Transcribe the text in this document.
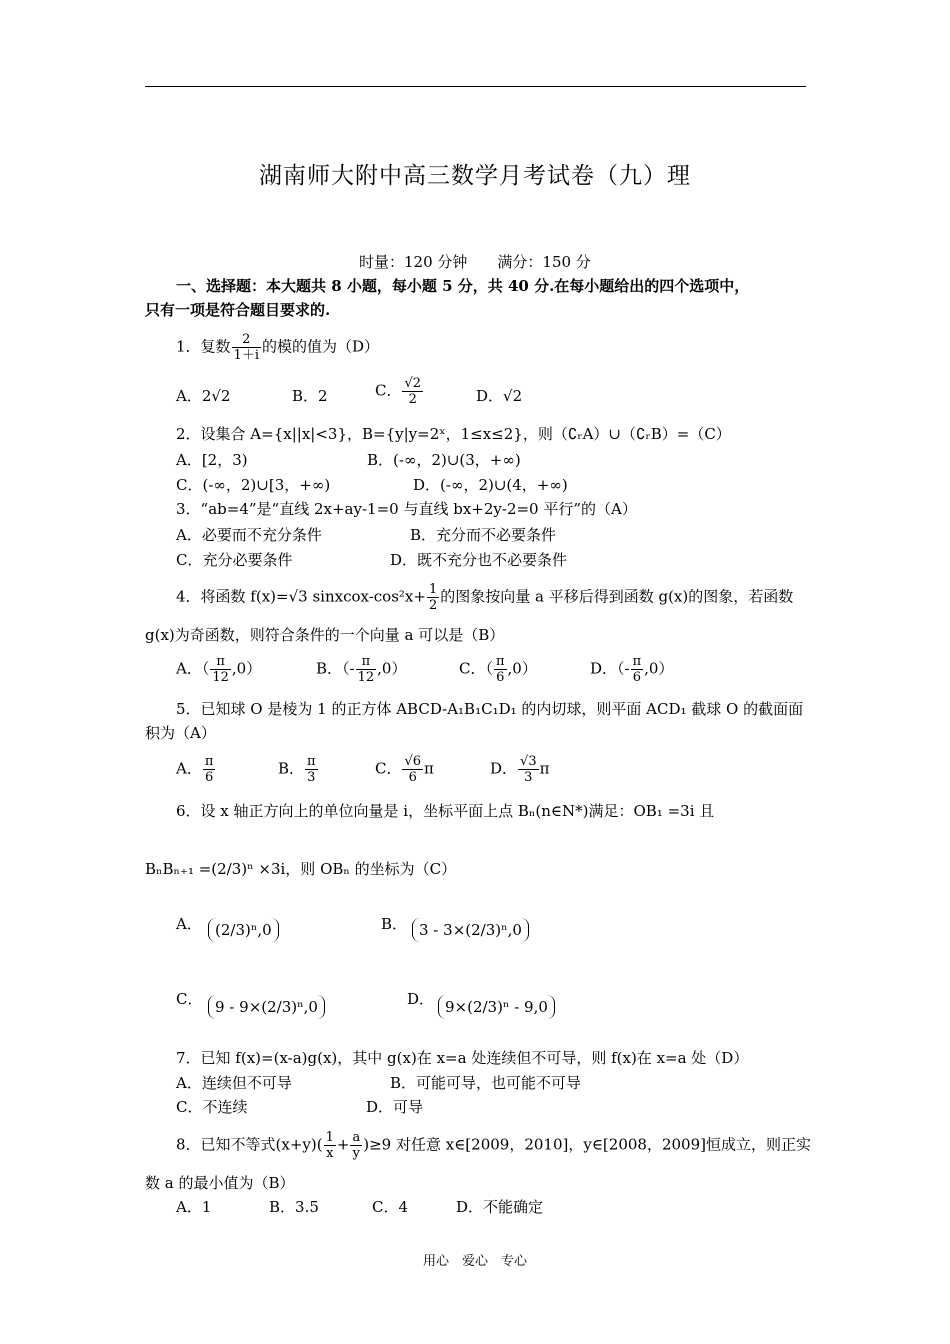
湖南师大附中高三数学月考试卷（九）理
时量：120 分钟　　满分：150 分
一、选择题：本大题共 8 小题，每小题 5 分，共 40 分.在每小题给出的四个选项中，
只有一项是符合题目要求的.
1．复数 $\frac{2}{1+i}$ 的模的值为（D）
A．2√2	B．2	C． $\frac{√2}{2}$	D．√2
2．设集合 A={x||x|<3}，B={y|y=2ˣ，1≤x≤2}，则（∁ᵣA）∪（∁ᵣB）=（C）
A．[2，3)	B．(-∞，2)∪(3，+∞)
C．(-∞，2)∪[3，+∞)	D．(-∞，2)∪(4，+∞)
3．“ab=4”是“直线 2x+ay-1=0 与直线 bx+2y-2=0 平行”的（A）
A．必要而不充分条件	B．充分而不必要条件
C．充分必要条件	D．既不充分也不必要条件
4．将函数 f(x)=√3 sinxcox-cos²x+ $\frac{1}{2}$ 的图象按向量 a 平移后得到函数 g(x)的图象，若函数
g(x)为奇函数，则符合条件的一个向量 a 可以是（B）
A．（ $\frac{\pi}{12} ,0$）	B．（- $\frac{\pi}{12} ,0$）	C．（ $\frac{\pi}{6} ,0$）	D．（- $\frac{\pi}{6} ,0$）
5．已知球 O 是棱为 1 的正方体 ABCD-A₁B₁C₁D₁ 的内切球，则平面 ACD₁ 截球 O 的截面面
积为（A）
A． $\frac{\pi}{6}$	B． $\frac{\pi}{3}$	C． $\frac{√6}{6}$ π	D． $\frac{√3}{3}$ π
6．设 x 轴正方向上的单位向量是 i，坐标平面上点 Bₙ(n∈N*)满足：OB₁ =3i 且
BₙBₙ₊₁ =(2/3)ⁿ ×3i，则 OBₙ 的坐标为（C）
A． (2/3)ⁿ,0	B． 3 - 3×(2/3)ⁿ,0
C． 9 - 9×(2/3)ⁿ,0	D． 9×(2/3)ⁿ - 9,0
7．已知 f(x)=(x-a)g(x)，其中 g(x)在 x=a 处连续但不可导，则 f(x)在 x=a 处（D）
A．连续但不可导	B．可能可导，也可能不可导
C．不连续	D．可导
8．已知不等式$(x+y)( \frac{1}{x} + \frac{a}{y} )\ge 9$ 对任意 x∈[2009，2010]，y∈[2008，2009]恒成立，则正实
数 a 的最小值为（B）
A．1	B．3.5	C．4	D．不能确定
用心　爱心　专心
